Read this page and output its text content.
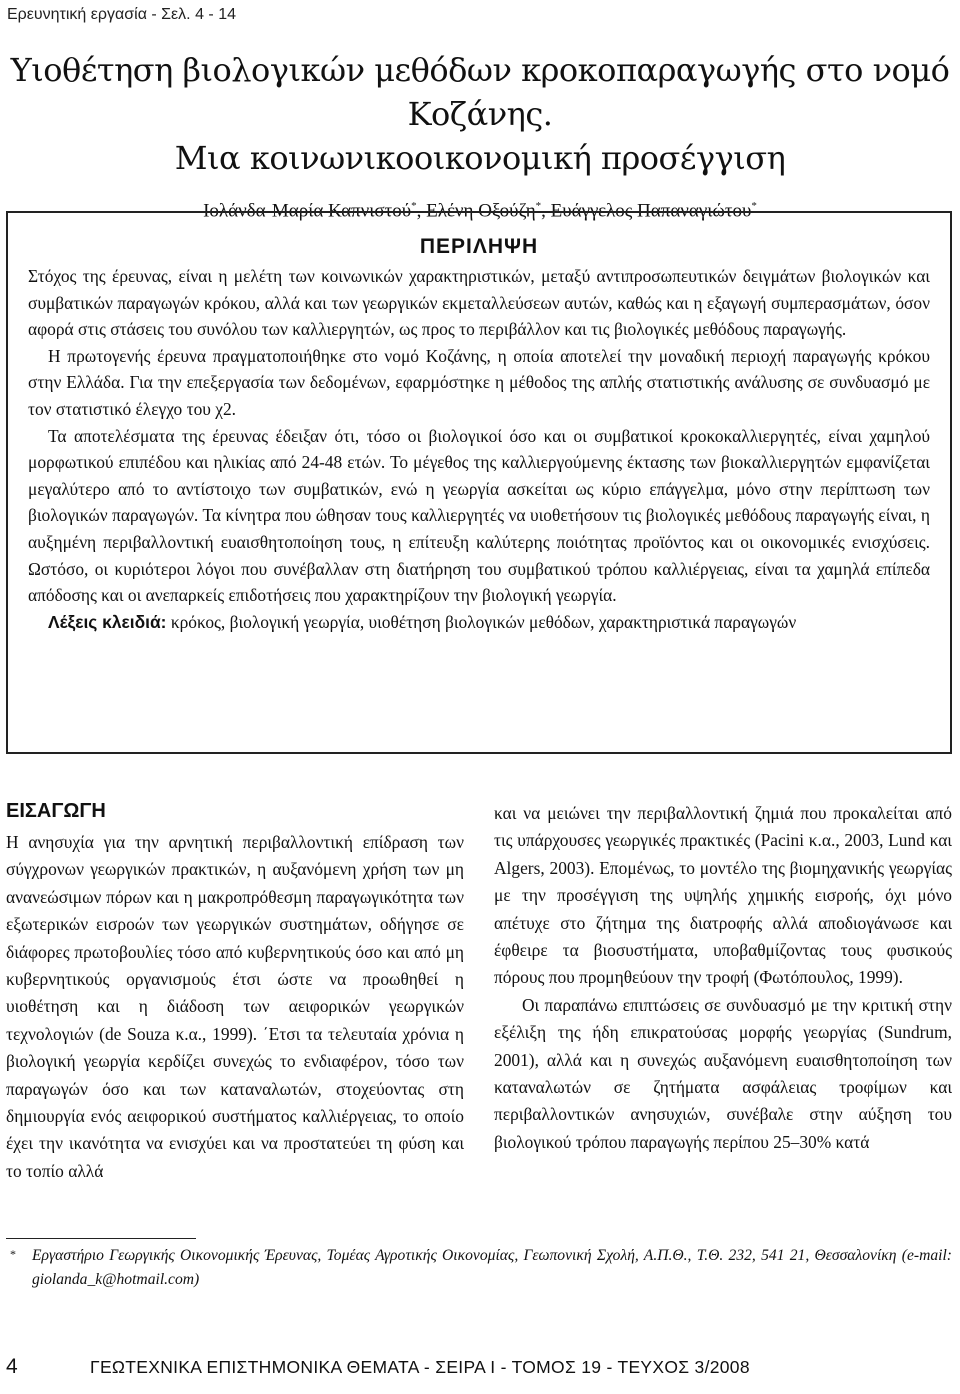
Ερευνητική εργασία - Σελ. 4 - 14
Υιοθέτηση βιολογικών μεθόδων κροκοπαραγωγής στο νομό Κοζάνης.
Μια κοινωνικοοικονομική προσέγγιση
Ιολάνδα-Μαρία Καπνιστού*, Ελένη Οξούζη*, Ευάγγελος Παπαναγιώτου*
ΠΕΡΙΛΗΨΗ

Στόχος της έρευνας, είναι η μελέτη των κοινωνικών χαρακτηριστικών, μεταξύ αντιπροσωπευτικών δειγμάτων βιολογικών και συμβατικών παραγωγών κρόκου, αλλά και των γεωργικών εκμεταλλεύσεων αυτών, καθώς και η εξαγωγή συμπερασμάτων, όσον αφορά στις στάσεις του συνόλου των καλλιεργητών, ως προς το περιβάλλον και τις βιολογικές μεθόδους παραγωγής.

Η πρωτογενής έρευνα πραγματοποιήθηκε στο νομό Κοζάνης, η οποία αποτελεί την μοναδική περιοχή παραγωγής κρόκου στην Ελλάδα. Για την επεξεργασία των δεδομένων, εφαρμόστηκε η μέθοδος της απλής στατιστικής ανάλυσης σε συνδυασμό με τον στατιστικό έλεγχο του χ2.

Τα αποτελέσματα της έρευνας έδειξαν ότι, τόσο οι βιολογικοί όσο και οι συμβατικοί κροκοκαλλιεργητές, είναι χαμηλού μορφωτικού επιπέδου και ηλικίας από 24-48 ετών. Το μέγεθος της καλλιεργούμενης έκτασης των βιοκαλλιεργητών εμφανίζεται μεγαλύτερο από το αντίστοιχο των συμβατικών, ενώ η γεωργία ασκείται ως κύριο επάγγελμα, μόνο στην περίπτωση των βιολογικών παραγωγών. Τα κίνητρα που ώθησαν τους καλλιεργητές να υιοθετήσουν τις βιολογικές μεθόδους παραγωγής είναι, η αυξημένη περιβαλλοντική ευαισθητοποίηση τους, η επίτευξη καλύτερης ποιότητας προϊόντος και οι οικονομικές ενισχύσεις. Ωστόσο, οι κυριότεροι λόγοι που συνέβαλλαν στη διατήρηση του συμβατικού τρόπου καλλιέργειας, είναι τα χαμηλά επίπεδα απόδοσης και οι ανεπαρκείς επιδοτήσεις που χαρακτηρίζουν την βιολογική γεωργία.

Λέξεις κλειδιά: κρόκος, βιολογική γεωργία, υιοθέτηση βιολογικών μεθόδων, χαρακτηριστικά παραγωγών

ΕΙΣΑΓΩΓΗ

Η ανησυχία για την αρνητική περιβαλλοντική επίδραση των σύγχρονων γεωργικών πρακτικών, η αυξανόμενη χρήση των μη ανανεώσιμων πόρων και η μακροπρόθεσμη παραγωγικότητα των εξωτερικών εισροών των γεωργικών συστημάτων, οδήγησε σε διάφορες πρωτοβουλίες τόσο από κυβερνητικούς όσο και από μη κυβερνητικούς οργανισμούς έτσι ώστε να προωθηθεί η υιοθέτηση και η διάδοση των αειφορικών γεωργικών τεχνολογιών (de Souza κ.α., 1999). ΄Ετσι τα τελευταία χρόνια η βιολογική γεωργία κερδίζει συνεχώς το ενδιαφέρον, τόσο των παραγωγών όσο και των καταναλωτών, στοχεύοντας στη δημιουργία ενός αειφορικού συστήματος καλλιέργειας, το οποίο έχει την ικανότητα να ενισχύει και να προστατεύει τη φύση και το τοπίο αλλά

και να μειώνει την περιβαλλοντική ζημιά που προκαλείται από τις υπάρχουσες γεωργικές πρακτικές (Pacini κ.α., 2003, Lund και Algers, 2003). Επομένως, το μοντέλο της βιομηχανικής γεωργίας με την προσέγγιση της υψηλής χημικής εισροής, όχι μόνο απέτυχε στο ζήτημα της διατροφής αλλά αποδιογάνωσε και έφθειρε τα βιοσυστήματα, υποβαθμίζοντας τους φυσικούς πόρους που προμηθεύουν την τροφή (Φωτόπουλος, 1999).

Οι παραπάνω επιπτώσεις σε συνδυασμό με την κριτική στην εξέλιξη της ήδη επικρατούσας μορφής γεωργίας (Sundrum, 2001), αλλά και η συνεχώς αυξανόμενη ευαισθητοποίηση των καταναλωτών σε ζητήματα ασφάλειας τροφίμων και περιβαλλοντικών ανησυχιών, συνέβαλε στην αύξηση του βιολογικού τρόπου παραγωγής περίπου 25–30% κατά

* Εργαστήριο Γεωργικής Οικονομικής Έρευνας, Τομέας Αγροτικής Οικονομίας, Γεωπονική Σχολή, Α.Π.Θ., Τ.Θ. 232, 541 21, Θεσσαλονίκη (e-mail: giolanda_k@hotmail.com)
4	ΓΕΩΤΕΧΝΙΚΑ ΕΠΙΣΤΗΜΟΝΙΚΑ ΘΕΜΑΤΑ - ΣΕΙΡΑ Ι - ΤΟΜΟΣ 19 - ΤΕΥΧΟΣ 3/2008
